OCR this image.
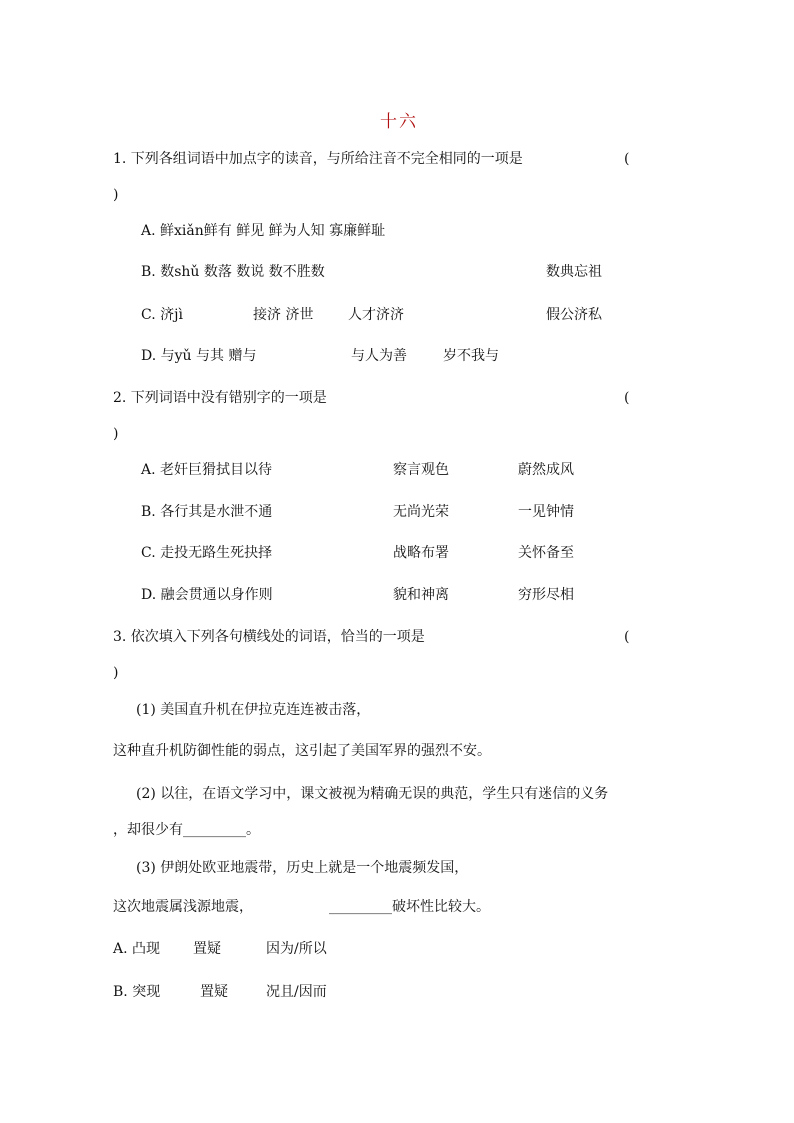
十六
1. 下列各组词语中加点字的读音，与所给注音不完全相同的一项是	(
)
A. 鲜xiǎn鲜有 鲜见 鲜为人知 寡廉鲜耻
B. 数shǔ 数落 数说 数不胜数	数典忘祖
C. 济jì	接济 济世 人才济济	假公济私
D. 与yǔ 与其 赠与	与人为善	岁不我与
2. 下列词语中没有错别字的一项是	(
)
A. 老奸巨猾拭目以待	察言观色	蔚然成风
B. 各行其是水泄不通	无尚光荣	一见钟情
C. 走投无路生死抉择	战略布署	关怀备至
D. 融会贯通以身作则	貌和神离	穷形尽相
3. 依次填入下列各句横线处的词语，恰当的一项是	(
)
(1) 美国直升机在伊拉克连连被击落，
这种直升机防御性能的弱点，这引起了美国军界的强烈不安。
(2) 以往，在语文学习中，课文被视为精确无误的典范，学生只有迷信的义务
，却很少有_________。
(3) 伊朗处欧亚地震带，历史上就是一个地震频发国，
这次地震属浅源地震，	_________破坏性比较大。
A. 凸现 置疑	因为/所以
B. 突现	置疑	况且/因而
